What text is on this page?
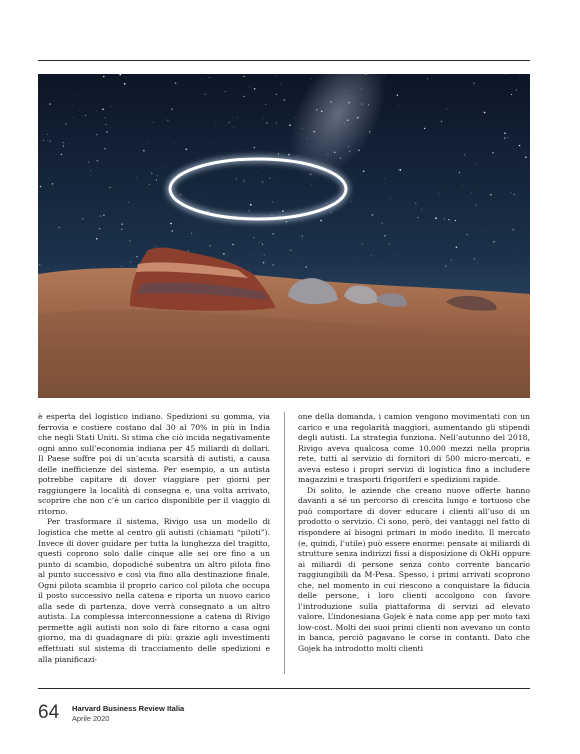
è esperta del logistico indiano. Spedizioni su gomma, via ferrovia e costiere costano dal 30 al 70% in più in India che negli Stati Uniti. Si stima che ciò incida negativamente ogni anno sull’economia indiana per 45 miliardi di dollari. Il Paese soffre poi di un’acuta scarsità di autisti, a causa delle inefficienze del sistema. Per esempio, a un autista potrebbe capitare di dover viaggiare per giorni per raggiungere la località di consegna e, una volta arrivato, scoprire che non c’è un carico disponibile per il viaggio di ritorno.

Per trasformare il sistema, Rivigo usa un modello di logistica che mette al centro gli autisti (chiamati “piloti”). Invece di dover guidare per tutta la lunghezza del tragitto, questi coprono solo dalle cinque alle sei ore fino a un punto di scambio, dopodiché subentra un altro pilota fino al punto successivo e così via fino alla destinazione finale. Ogni pilota scambia il proprio carico col pilota che occupa il posto successivo nella catena e riporta un nuovo carico alla sede di partenza, dove verrà consegnato a un altro autista. La complessa interconnessione a catena di Rivigo permette agli autisti non solo di fare ritorno a casa ogni giorno, ma di guadagnare di più: grazie agli investimenti effettuati sul sistema di tracciamento delle spedizioni e alla pianificazi-

one della domanda, i camion vengono movimentati con un carico e una regolarità maggiori, aumentando gli stipendi degli autisti. La strategia funziona. Nell’autunno del 2018, Rivigo aveva qualcosa come 10.000 mezzi nella propria rete, tutti al servizio di fornitori di 500 micro-mercati, e aveva esteso i propri servizi di logistica fino a includere magazzini e trasporti frigoriferi e spedizioni rapide.

Di solito, le aziende che creano nuove offerte hanno davanti a sé un percorso di crescita lungo e tortuoso che può comportare di dover educare i clienti all’uso di un prodotto o servizio. Ci sono, però, dei vantaggi nel fatto di rispondere ai bisogni primari in modo inedito. Il mercato (e, quindi, l’utile) può essere enorme: pensate ai miliardi di strutture senza indirizzi fissi a disposizione di OkHi oppure ai miliardi di persone senza conto corrente bancario raggiungibili da M-Pesa. Spesso, i primi arrivati scoprono che, nel momento in cui riescono a conquistare la fiducia delle persone, i loro clienti accolgono con favore l’introduzione sulla piattaforma di servizi ad elevato valore. L’indonesiana Gojek è nata come app per moto taxi low-cost. Molti dei suoi primi clienti non avevano un conto in banca, perciò pagavano le corse in contanti. Dato che Gojek ha introdotto molti clienti

64 Harvard Business Review Italia
Aprile 2020
